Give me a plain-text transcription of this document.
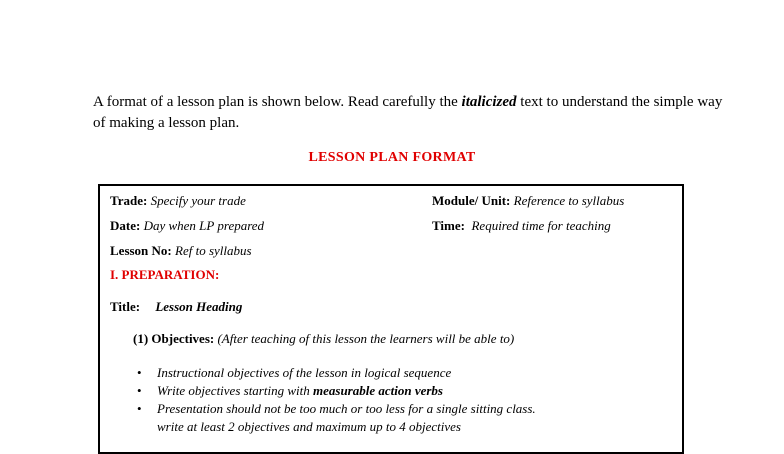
A format of a lesson plan is shown below. Read carefully the italicized text to understand the simple way of making a lesson plan.
LESSON PLAN FORMAT
Trade: Specify your trade	Module/ Unit: Reference to syllabus
Date: Day when LP prepared	Time: Required time for teaching
Lesson No: Ref to syllabus
I. PREPARATION:
Title: Lesson Heading
(1) Objectives: (After teaching of this lesson the learners will be able to)
• Instructional objectives of the lesson in logical sequence
• Write objectives starting with measurable action verbs
• Presentation should not be too much or too less for a single sitting class.
write at least 2 objectives and maximum up to 4 objectives
